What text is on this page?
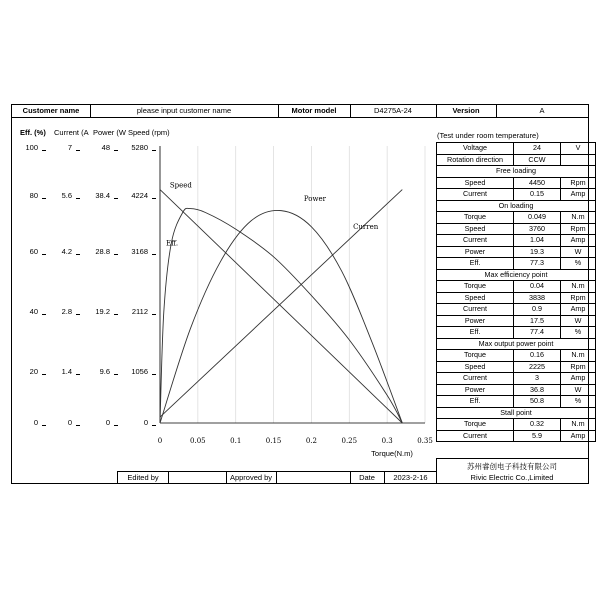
Customer name	please input customer name	Motor model	D4275A-24	Version	A
Eff. (%) Current (A Power (W Speed (rpm)
100
80
60
40
20
0
7
5.6
4.2
2.8
1.4
0
48
38.4
28.8
19.2
9.6
0
5280
4224
3168
2112
1056
0
0	0.05	0.1	0.15	0.2	0.25	0.3	0.35
Torque(N.m)
Speed
Curren
Power
Eff.
(Test under room temperature)
Voltage	24	V
Rotation direction	CCW	
Free loading		
Speed	4450	Rpm
Current	0.15	Amp
On loading		
Torque	0.049	N.m
Speed	3760	Rpm
Current	1.04	Amp
Power	19.3	W
Eff.	77.3	%
Max efficiency point		
Torque	0.04	N.m
Speed	3838	Rpm
Current	0.9	Amp
Power	17.5	W
Eff.	77.4	%
Max output power point		
Torque	0.16	N.m
Speed	2225	Rpm
Current	3	Amp
Power	36.8	W
Eff.	50.8	%
Stall point		
Torque	0.32	N.m
Current	5.9	Amp
Edited by	Approved by	Date	2023-2-16
苏州睿创电子科技有限公司
Rivic Electric Co.,Limited
